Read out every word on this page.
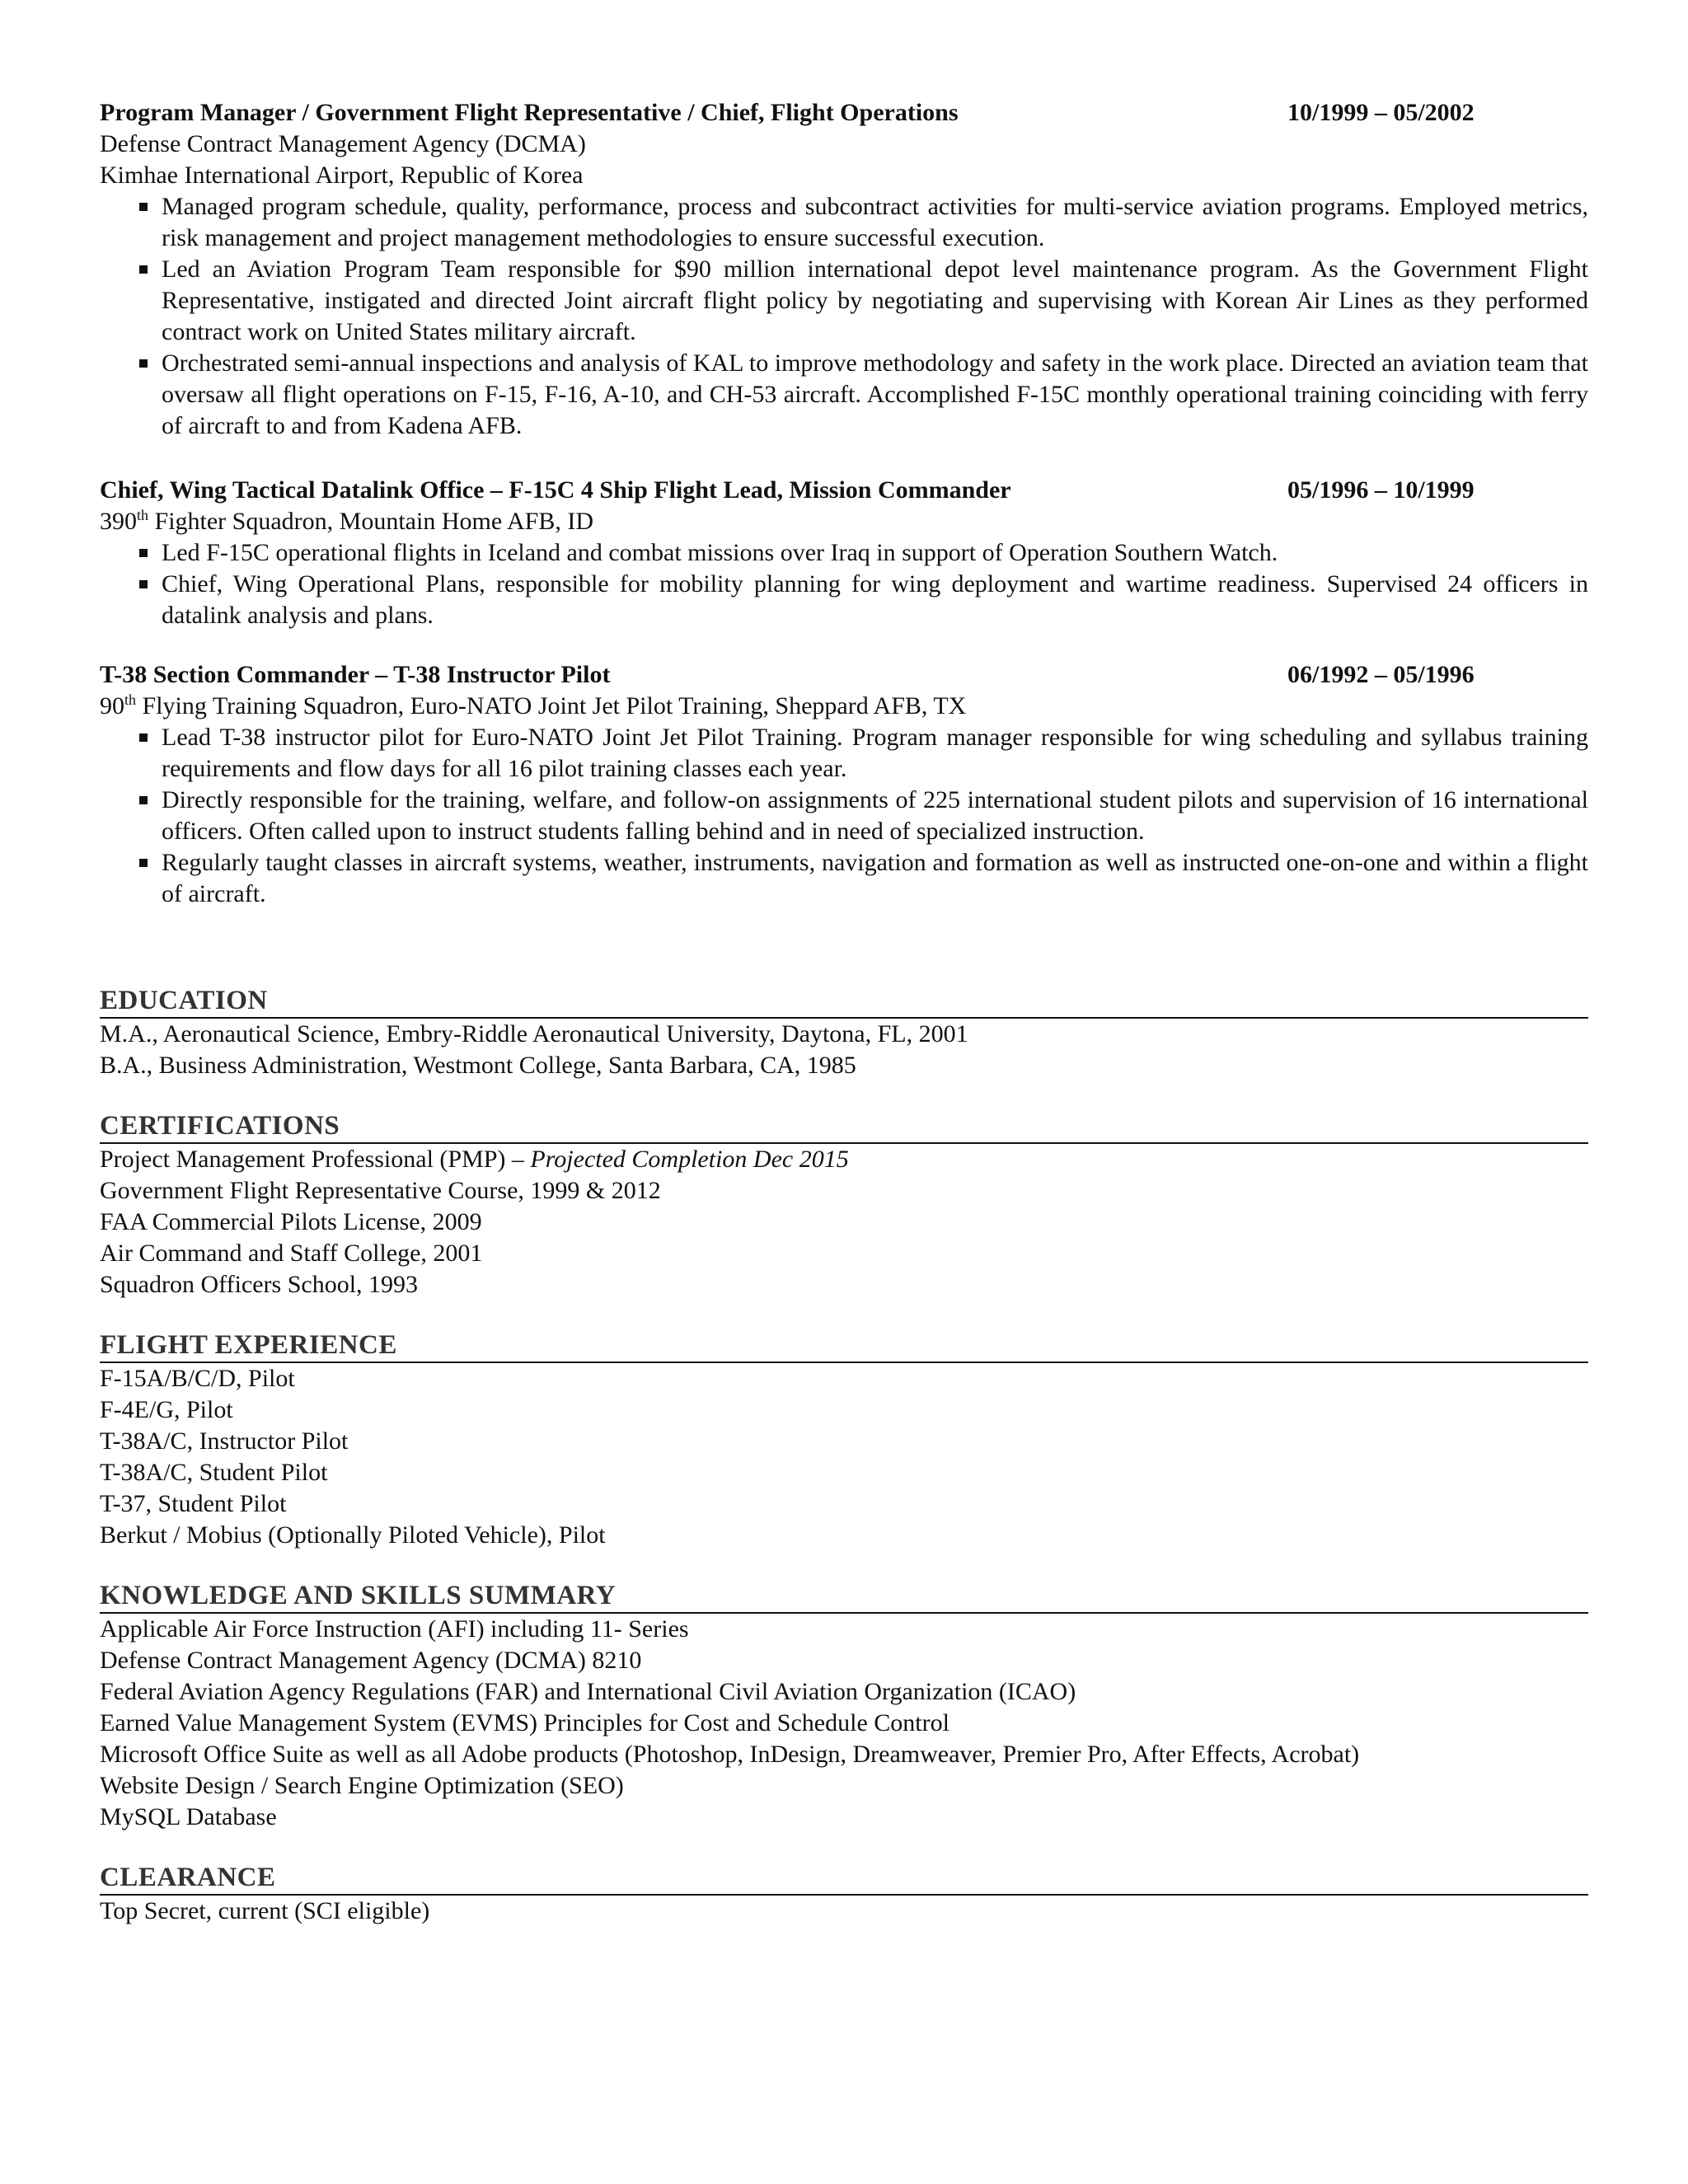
Program Manager / Government Flight Representative / Chief, Flight Operations	10/1999 – 05/2002
Defense Contract Management Agency (DCMA)
Kimhae International Airport, Republic of Korea
Managed program schedule, quality, performance, process and subcontract activities for multi-service aviation programs. Employed metrics, risk management and project management methodologies to ensure successful execution.
Led an Aviation Program Team responsible for $90 million international depot level maintenance program. As the Government Flight Representative, instigated and directed Joint aircraft flight policy by negotiating and supervising with Korean Air Lines as they performed contract work on United States military aircraft.
Orchestrated semi-annual inspections and analysis of KAL to improve methodology and safety in the work place. Directed an aviation team that oversaw all flight operations on F-15, F-16, A-10, and CH-53 aircraft. Accomplished F-15C monthly operational training coinciding with ferry of aircraft to and from Kadena AFB.
Chief, Wing Tactical Datalink Office – F-15C 4 Ship Flight Lead, Mission Commander	05/1996 – 10/1999
390th Fighter Squadron, Mountain Home AFB, ID
Led F-15C operational flights in Iceland and combat missions over Iraq in support of Operation Southern Watch.
Chief, Wing Operational Plans, responsible for mobility planning for wing deployment and wartime readiness. Supervised 24 officers in datalink analysis and plans.
T-38 Section Commander – T-38 Instructor Pilot	06/1992 – 05/1996
90th Flying Training Squadron, Euro-NATO Joint Jet Pilot Training, Sheppard AFB, TX
Lead T-38 instructor pilot for Euro-NATO Joint Jet Pilot Training. Program manager responsible for wing scheduling and syllabus training requirements and flow days for all 16 pilot training classes each year.
Directly responsible for the training, welfare, and follow-on assignments of 225 international student pilots and supervision of 16 international officers. Often called upon to instruct students falling behind and in need of specialized instruction.
Regularly taught classes in aircraft systems, weather, instruments, navigation and formation as well as instructed one-on-one and within a flight of aircraft.
EDUCATION
M.A., Aeronautical Science, Embry-Riddle Aeronautical University, Daytona, FL, 2001
B.A., Business Administration, Westmont College, Santa Barbara, CA, 1985
CERTIFICATIONS
Project Management Professional (PMP) – Projected Completion Dec 2015
Government Flight Representative Course, 1999 & 2012
FAA Commercial Pilots License, 2009
Air Command and Staff College, 2001
Squadron Officers School, 1993
FLIGHT EXPERIENCE
F-15A/B/C/D, Pilot
F-4E/G, Pilot
T-38A/C, Instructor Pilot
T-38A/C, Student Pilot
T-37, Student Pilot
Berkut / Mobius (Optionally Piloted Vehicle), Pilot
KNOWLEDGE AND SKILLS SUMMARY
Applicable Air Force Instruction (AFI) including 11- Series
Defense Contract Management Agency (DCMA) 8210
Federal Aviation Agency Regulations (FAR) and International Civil Aviation Organization (ICAO)
Earned Value Management System (EVMS) Principles for Cost and Schedule Control
Microsoft Office Suite as well as all Adobe products (Photoshop, InDesign, Dreamweaver, Premier Pro, After Effects, Acrobat)
Website Design / Search Engine Optimization (SEO)
MySQL Database
CLEARANCE
Top Secret, current (SCI eligible)
